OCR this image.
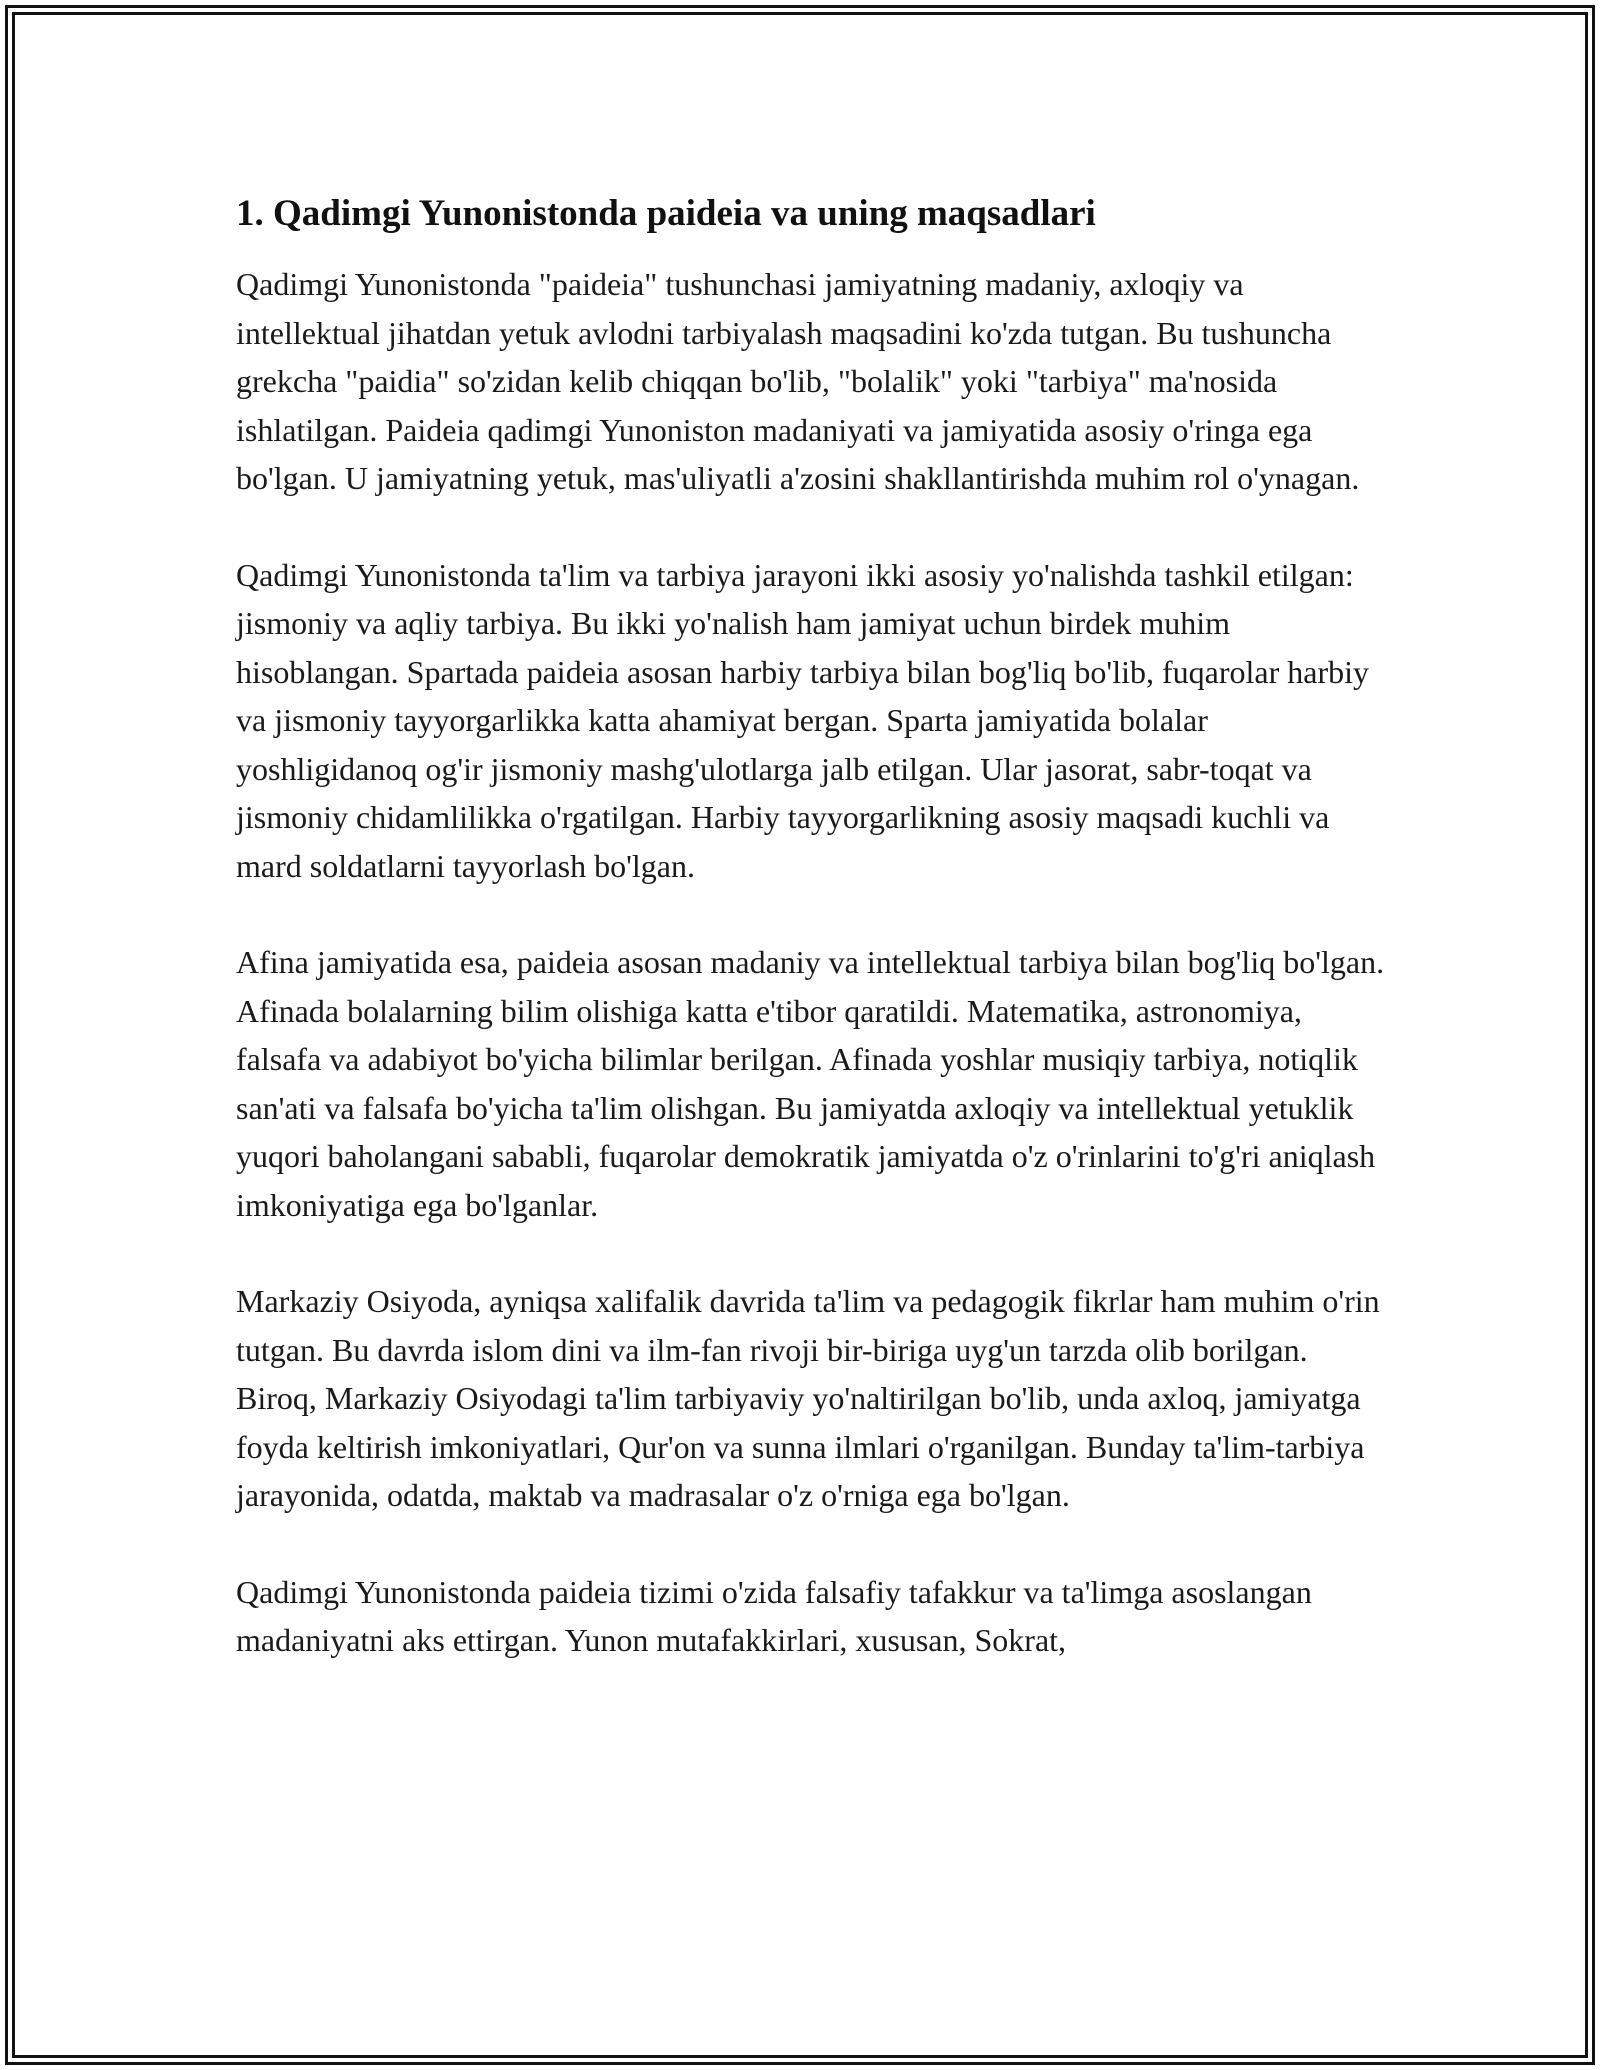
1. Qadimgi Yunonistonda paideia va uning maqsadlari

Qadimgi Yunonistonda "paideia" tushunchasi jamiyatning madaniy, axloqiy va intellektual jihatdan yetuk avlodni tarbiyalash maqsadini ko'zda tutgan. Bu tushuncha grekcha "paidia" so'zidan kelib chiqqan bo'lib, "bolalik" yoki "tarbiya" ma'nosida ishlatilgan. Paideia qadimgi Yunoniston madaniyati va jamiyatida asosiy o'ringa ega bo'lgan. U jamiyatning yetuk, mas'uliyatli a'zosini shakllantirishda muhim rol o'ynagan.

Qadimgi Yunonistonda ta'lim va tarbiya jarayoni ikki asosiy yo'nalishda tashkil etilgan: jismoniy va aqliy tarbiya. Bu ikki yo'nalish ham jamiyat uchun birdek muhim hisoblangan. Spartada paideia asosan harbiy tarbiya bilan bog'liq bo'lib, fuqarolar harbiy va jismoniy tayyorgarlikka katta ahamiyat bergan. Sparta jamiyatida bolalar yoshligidanoq og'ir jismoniy mashg'ulotlarga jalb etilgan. Ular jasorat, sabr-toqat va jismoniy chidamlilikka o'rgatilgan. Harbiy tayyorgarlikning asosiy maqsadi kuchli va mard soldatlarni tayyorlash bo'lgan.

Afina jamiyatida esa, paideia asosan madaniy va intellektual tarbiya bilan bog'liq bo'lgan. Afinada bolalarning bilim olishiga katta e'tibor qaratildi. Matematika, astronomiya, falsafa va adabiyot bo'yicha bilimlar berilgan. Afinada yoshlar musiqiy tarbiya, notiqlik san'ati va falsafa bo'yicha ta'lim olishgan. Bu jamiyatda axloqiy va intellektual yetuklik yuqori baholangani sababli, fuqarolar demokratik jamiyatda o'z o'rinlarini to'g'ri aniqlash imkoniyatiga ega bo'lganlar.

Markaziy Osiyoda, ayniqsa xalifalik davrida ta'lim va pedagogik fikrlar ham muhim o'rin tutgan. Bu davrda islom dini va ilm-fan rivoji bir-biriga uyg'un tarzda olib borilgan. Biroq, Markaziy Osiyodagi ta'lim tarbiyaviy yo'naltirilgan bo'lib, unda axloq, jamiyatga foyda keltirish imkoniyatlari, Qur'on va sunna ilmlari o'rganilgan. Bunday ta'lim-tarbiya jarayonida, odatda, maktab va madrasalar o'z o'rniga ega bo'lgan.

Qadimgi Yunonistonda paideia tizimi o'zida falsafiy tafakkur va ta'limga asoslangan madaniyatni aks ettirgan. Yunon mutafakkirlari, xususan, Sokrat,
